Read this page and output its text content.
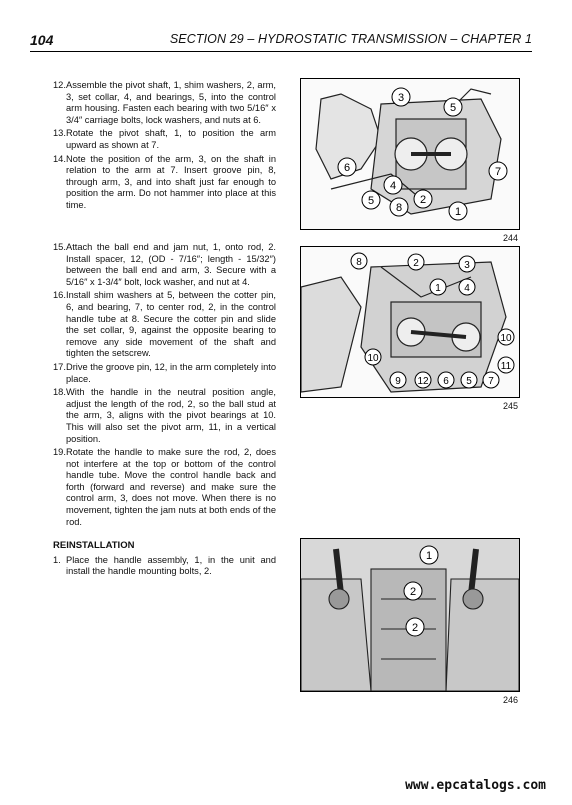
104	SECTION 29 – HYDROSTATIC TRANSMISSION – CHAPTER 1
12. Assemble the pivot shaft, 1, shim washers, 2, arm, 3, set collar, 4, and bearings, 5, into the control arm housing. Fasten each bearing with two 5/16″ x 3/4″ carriage bolts, lock washers, and nuts at 6.
13. Rotate the pivot shaft, 1, to position the arm upward as shown at 7.
14. Note the position of the arm, 3, on the shaft in relation to the arm at 7. Insert groove pin, 8, through arm, 3, and into shaft just far enough to position the arm. Do not hammer into place at this time.
15. Attach the ball end and jam nut, 1, onto rod, 2. Install spacer, 12, (OD - 7/16″; length - 15/32″) between the ball end and arm, 3. Secure with a 5/16″ x 1-3/4″ bolt, lock washer, and nut at 4.
16. Install shim washers at 5, between the cotter pin, 6, and bearing, 7, to center rod, 2, in the control handle tube at 8. Secure the cotter pin and slide the set collar, 9, against the opposite bearing to remove any side movement of the shaft and tighten the setscrew.
17. Drive the groove pin, 12, in the arm completely into place.
18. With the handle in the neutral position angle, adjust the length of the rod, 2, so the ball stud at the arm, 3, aligns with the pivot bearings at 10. This will also set the pivot arm, 11, in a vertical position.
19. Rotate the handle to make sure the rod, 2, does not interfere at the top or bottom of the control handle tube. Move the control handle back and forth (forward and reverse) and make sure the control arm, 3, does not move. When there is no movement, tighten the jam nuts at both ends of the rod.
REINSTALLATION
1. Place the handle assembly, 1, in the unit and install the handle mounting bolts, 2.
3
5
4
6	7
5
8
2
1
244
8	2	3
1 4
10
10
11
9 12 6 5 7
245
1
2
2
246
www.epcatalogs.com
